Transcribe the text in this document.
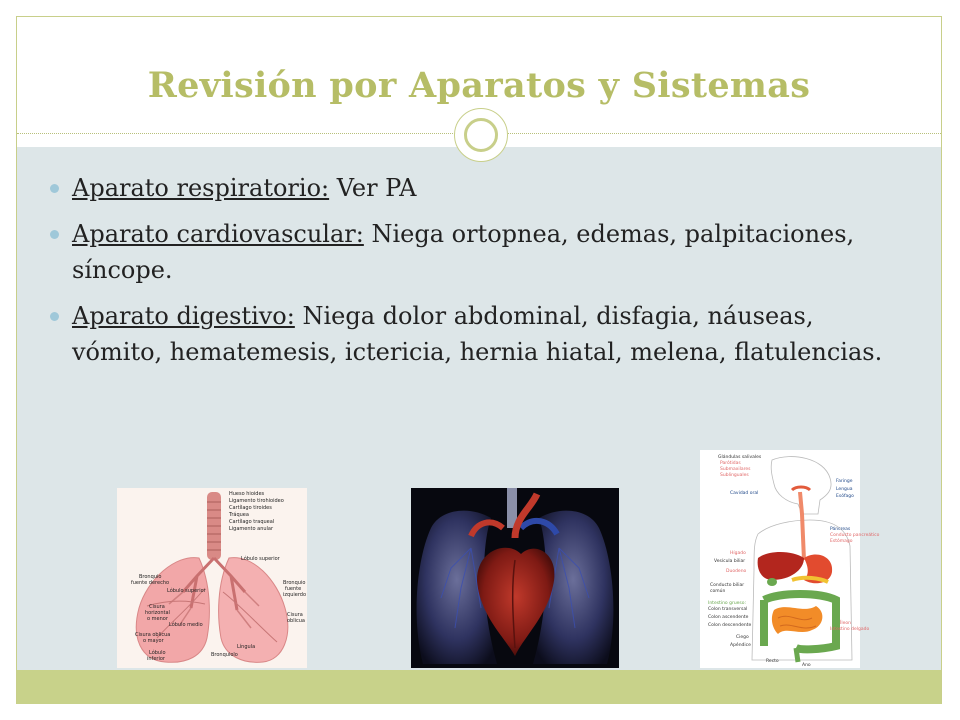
Revisión por Aparatos y Sistemas
Aparato respiratorio: Ver PA
Aparato cardiovascular: Niega ortopnea, edemas, palpitaciones, síncope.
Aparato digestivo: Niega dolor abdominal, disfagia, náuseas, vómito, hematemesis, ictericia, hernia hiatal, melena, flatulencias.
Hueso hioides
Ligamento tirohioideo
Cartílago tiroides
Tráquea
Cartílago traqueal
Ligamento anular
Bronquio
fuente derecho
Lóbulo superior
Lóbulo superior
Cisura
horizontal
o menor
Bronquio
fuente
izquierdo
Lóbulo medio
Cisura oblicua
o mayor
Cisura
oblicua
Língula
Lóbulo
inferior
Bronquiolo
Glándulas salivales
Parótidas
Submaxilares
Sublinguales
Cavidad oral
Faringe
Lengua
Esófago
Páncreas
Conducto pancreático
Estómago
Hígado
Vesícula biliar
Duodeno
Conducto biliar
común
Intestino grueso:
Colon transversal
Colon ascendente
Colon descendente	Íleon
Intestino delgado
Ciego
Apéndice
Recto
Ano
